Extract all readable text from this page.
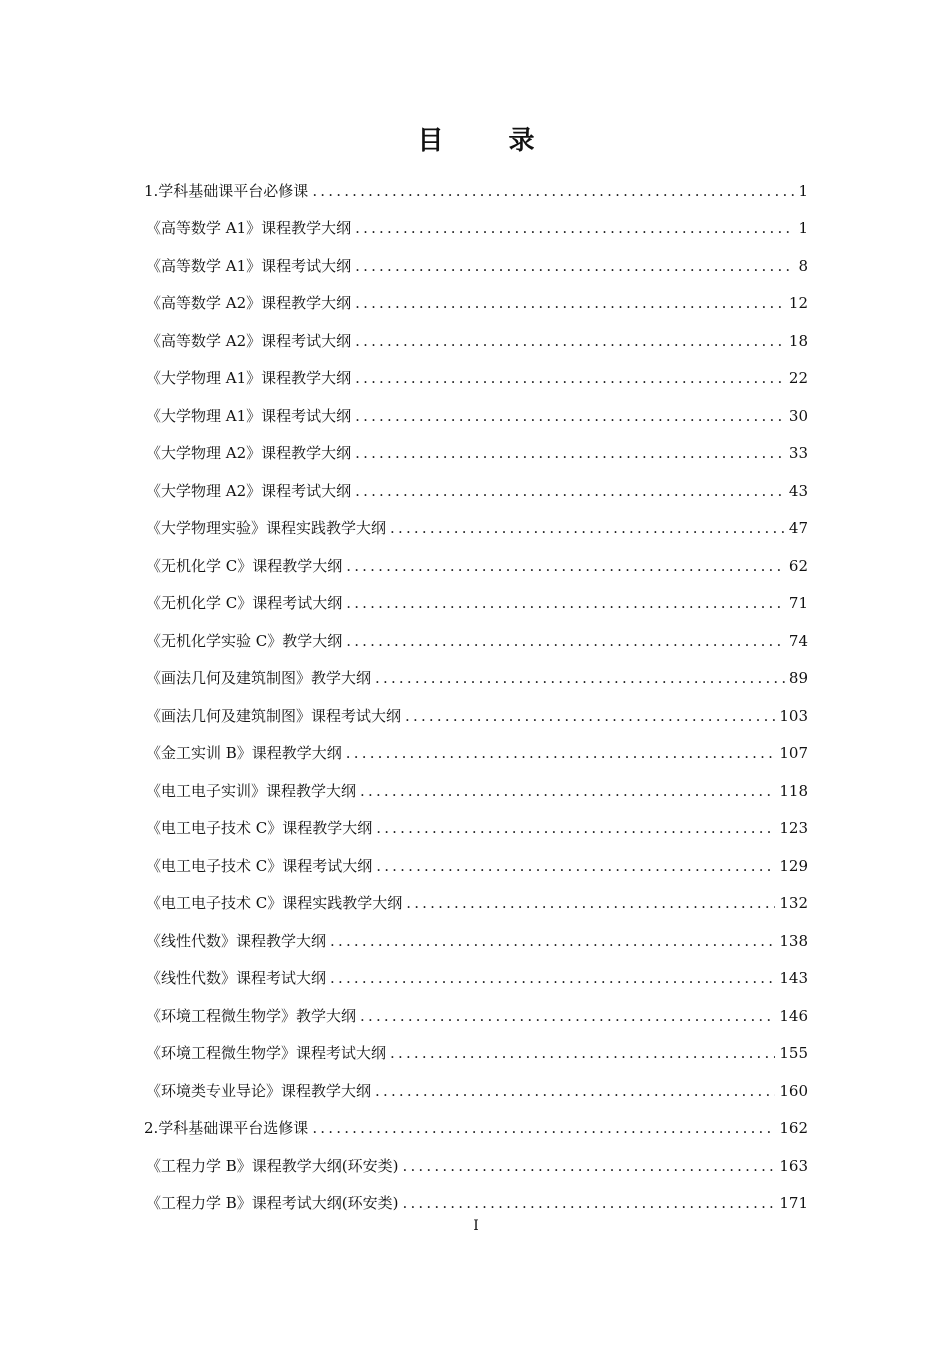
目 录
1.学科基础课平台必修课 .....	1
《高等数学 A1》课程教学大纲 .....	1
《高等数学 A1》课程考试大纲 .....	8
《高等数学 A2》课程教学大纲 .....	12
《高等数学 A2》课程考试大纲 .....	18
《大学物理 A1》课程教学大纲 .....	22
《大学物理 A1》课程考试大纲 .....	30
《大学物理 A2》课程教学大纲 .....	33
《大学物理 A2》课程考试大纲 .....	43
《大学物理实验》课程实践教学大纲 .....	47
《无机化学 C》课程教学大纲 .....	62
《无机化学 C》课程考试大纲 .....	71
《无机化学实验 C》教学大纲 .....	74
《画法几何及建筑制图》教学大纲 .....	89
《画法几何及建筑制图》课程考试大纲 .....	103
《金工实训 B》课程教学大纲 .....	107
《电工电子实训》课程教学大纲 .....	118
《电工电子技术 C》课程教学大纲 .....	123
《电工电子技术 C》课程考试大纲 .....	129
《电工电子技术 C》课程实践教学大纲 .....	132
《线性代数》课程教学大纲 .....	138
《线性代数》课程考试大纲 .....	143
《环境工程微生物学》教学大纲 .....	146
《环境工程微生物学》课程考试大纲 .....	155
《环境类专业导论》课程教学大纲 .....	160
2.学科基础课平台选修课 .....	162
《工程力学 B》课程教学大纲(环安类) .....	163
《工程力学 B》课程考试大纲(环安类) .....	171
I
